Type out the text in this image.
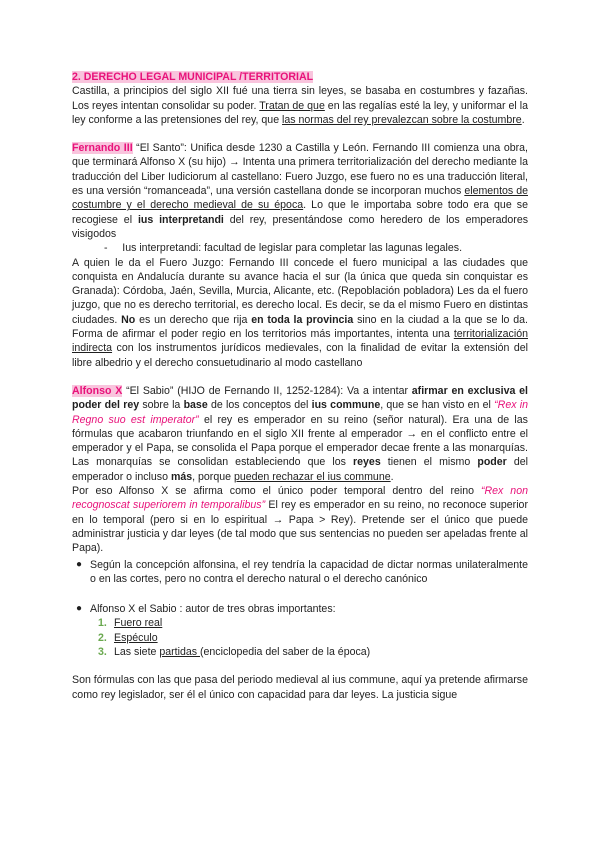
2. DERECHO LEGAL MUNICIPAL /TERRITORIAL

Castilla, a principios del siglo XII fué una tierra sin leyes, se basaba en costumbres y fazañas. Los reyes intentan consolidar su poder. Tratan de que en las regalías esté la ley, y uniformar el la ley conforme a las pretensiones del rey, que las normas del rey prevalezcan sobre la costumbre.

Fernando III “El Santo”: Unifica desde 1230 a Castilla y León. Fernando III comienza una obra, que terminará Alfonso X (su hijo) → Intenta una primera territorialización del derecho mediante la traducción del Liber Iudiciorum al castellano: Fuero Juzgo, ese fuero no es una traducción literal, es una versión “romanceada”, una versión castellana donde se incorporan muchos elementos de costumbre y el derecho medieval de su época. Lo que le importaba sobre todo era que se recogiese el ius interpretandi del rey, presentándose como heredero de los emperadores visigodos

- Ius interpretandi: facultad de legislar para completar las lagunas legales.

A quien le da el Fuero Juzgo: Fernando III concede el fuero municipal a las ciudades que conquista en Andalucía durante su avance hacia el sur (la única que queda sin conquistar es Granada): Córdoba, Jaén, Sevilla, Murcia, Alicante, etc. (Repoblación pobladora) Les da el fuero juzgo, que no es derecho territorial, es derecho local. Es decir, se da el mismo Fuero en distintas ciudades. No es un derecho que rija en toda la provincia sino en la ciudad a la que se lo da. Forma de afirmar el poder regio en los territorios más importantes, intenta una territorialización indirecta con los instrumentos jurídicos medievales, con la finalidad de evitar la extensión del libre albedrio y el derecho consuetudinario al modo castellano

Alfonso X “El Sabio” (HIJO de Fernando II, 1252-1284): Va a intentar afirmar en exclusiva el poder del rey sobre la base de los conceptos del ius commune, que se han visto en el “Rex in Regno suo est imperator” el rey es emperador en su reino (señor natural). Era una de las fórmulas que acabaron triunfando en el siglo XII frente al emperador → en el conflicto entre el emperador y el Papa, se consolida el Papa porque el emperador decae frente a las monarquías. Las monarquías se consolidan estableciendo que los reyes tienen el mismo poder del emperador o incluso más, porque pueden rechazar el ius commune.

Por eso Alfonso X se afirma como el único poder temporal dentro del reino “Rex non recognoscat superiorem in temporalibus” El rey es emperador en su reino, no reconoce superior en lo temporal (pero si en lo espiritual → Papa > Rey). Pretende ser el único que puede administrar justicia y dar leyes (de tal modo que sus sentencias no pueden ser apeladas frente al Papa).

● Según la concepción alfonsina, el rey tendría la capacidad de dictar normas unilateralmente o en las cortes, pero no contra el derecho natural o el derecho canónico

● Alfonso X el Sabio : autor de tres obras importantes:

1. Fuero real

2. Espéculo

3. Las siete partidas (enciclopedia del saber de la época)

Son fórmulas con las que pasa del periodo medieval al ius commune, aquí ya pretende afirmarse como rey legislador, ser él el único con capacidad para dar leyes. La justicia sigue
